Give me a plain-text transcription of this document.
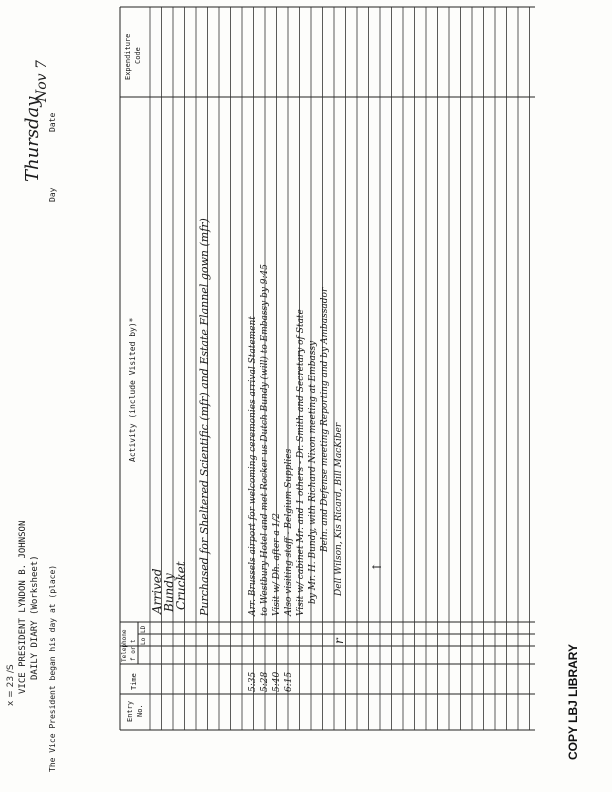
VICE PRESIDENT LYNDON B. JOHNSON DAILY DIARY (Worksheet) The Vice President began his day at (place)
Day
Date
Thursday
Nov 7
Entry No.
Time
Telephone f or t Lo
LD
Activity (include Visited by)*
Expenditure Code
Arrived
Bundy
Crucket Purchased for Sheltered Scientific (mfr) and Estate Flannel gown (mfr)
5:35
Arr. Brussels airport for welcoming ceremonies arrival Statement
5:28
to Westbury Hotel and met Rocker us Dutch Bundy (will) to Embassy by 9:45
5:40
Visit w/ Dh. after a 1/2
6:15
Also visiting staff - Belgium Supplies Visit w/ cabinet Mr. and 1 others - Dr. Smith and Secretary of State by Mr. H. Bundy, with Richard Nixon meeting at Embassy Beln. and Defense meeting Reporting and by Ambassador Dell Wilson, Kis Ricard, Bill MacKiber
r
↑
x = 23 /S	COPY LBJ LIBRARY
